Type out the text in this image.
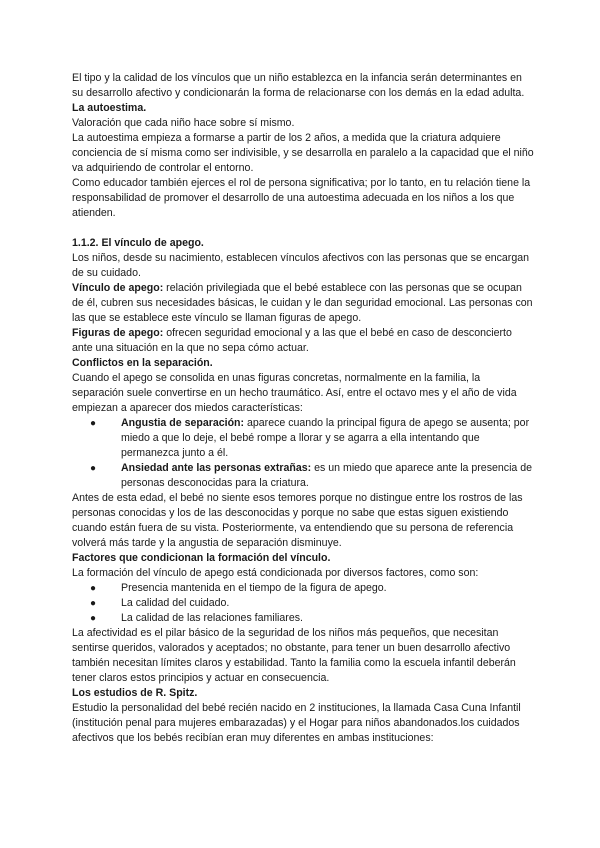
El tipo y la calidad de los vínculos que un niño establezca en la infancia serán determinantes en su desarrollo afectivo y condicionarán la forma de relacionarse con los demás en la edad adulta.

La autoestima.

Valoración que cada niño hace sobre sí mismo.

La autoestima empieza a formarse a partir de los 2 años, a medida que la criatura adquiere conciencia de sí misma como ser indivisible, y se desarrolla en paralelo a la capacidad que el niño va adquiriendo de controlar el entorno.

Como educador también ejerces el rol de persona significativa; por lo tanto, en tu relación tiene la responsabilidad de promover el desarrollo de una autoestima adecuada en los niños a los que atienden.

1.1.2. El vínculo de apego.

Los niños, desde su nacimiento, establecen vínculos afectivos con las personas que se encargan de su cuidado.

Vínculo de apego: relación privilegiada que el bebé establece con las personas que se ocupan de él, cubren sus necesidades básicas, le cuidan y le dan seguridad emocional. Las personas con las que se establece este vínculo se llaman figuras de apego.

Figuras de apego: ofrecen seguridad emocional y a las que el bebé en caso de desconcierto ante una situación en la que no sepa cómo actuar.

Conflictos en la separación.

Cuando el apego se consolida en unas figuras concretas, normalmente en la familia, la separación suele convertirse en un hecho traumático. Así, entre el octavo mes y el año de vida empiezan a aparecer dos miedos características:

● Angustia de separación: aparece cuando la principal figura de apego se ausenta; por miedo a que lo deje, el bebé rompe a llorar y se agarra a ella intentando que permanezca junto a él.
● Ansiedad ante las personas extrañas: es un miedo que aparece ante la presencia de personas desconocidas para la criatura.

Antes de esta edad, el bebé no siente esos temores porque no distingue entre los rostros de las personas conocidas y los de las desconocidas y porque no sabe que estas siguen existiendo cuando están fuera de su vista. Posteriormente, va entendiendo que su persona de referencia volverá más tarde y la angustia de separación disminuye.

Factores que condicionan la formación del vínculo.

La formación del vínculo de apego está condicionada por diversos factores, como son:

● Presencia mantenida en el tiempo de la figura de apego.
● La calidad del cuidado.
● La calidad de las relaciones familiares.

La afectividad es el pilar básico de la seguridad de los niños más pequeños, que necesitan sentirse queridos, valorados y aceptados; no obstante, para tener un buen desarrollo afectivo también necesitan límites claros y estabilidad. Tanto la familia como la escuela infantil deberán tener claros estos principios y actuar en consecuencia.

Los estudios de R. Spitz.

Estudio la personalidad del bebé recién nacido en 2 instituciones, la llamada Casa Cuna Infantil (institución penal para mujeres embarazadas) y el Hogar para niños abandonados.los cuidados afectivos que los bebés recibían eran muy diferentes en ambas instituciones:
